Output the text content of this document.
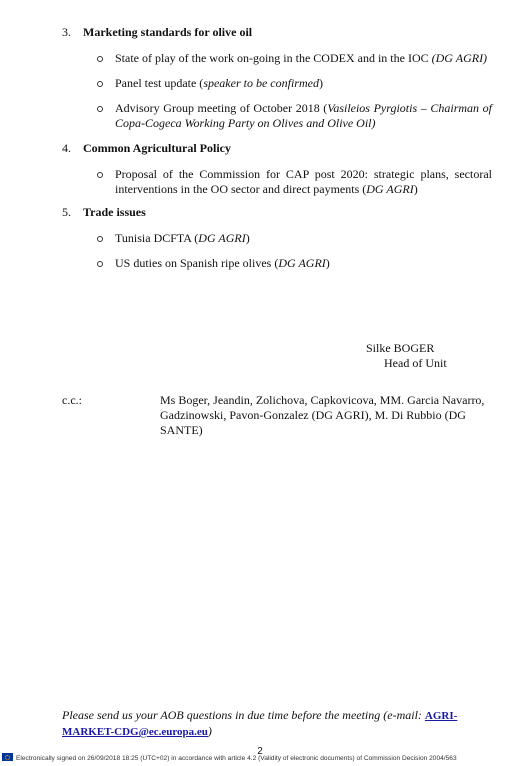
3. Marketing standards for olive oil
State of play of the work on-going in the CODEX and in the IOC (DG AGRI)
Panel test update (speaker to be confirmed)
Advisory Group meeting of October 2018 (Vasileios Pyrgiotis – Chairman of Copa-Cogeca Working Party on Olives and Olive Oil)
4. Common Agricultural Policy
Proposal of the Commission for CAP post 2020: strategic plans, sectoral interventions in the OO sector and direct payments (DG AGRI)
5. Trade issues
Tunisia DCFTA (DG AGRI)
US duties on Spanish ripe olives (DG AGRI)
Silke BOGER
Head of Unit
c.c.:	Ms Boger, Jeandin, Zolichova, Capkovicova, MM. Garcia Navarro, Gadzinowski, Pavon-Gonzalez (DG AGRI), M. Di Rubbio (DG SANTE)
Please send us your AOB questions in due time before the meeting (e-mail: AGRI-MARKET-CDG@ec.europa.eu)
2
Electronically signed on 26/09/2018 18:25 (UTC+02) in accordance with article 4.2 (Validity of electronic documents) of Commission Decision 2004/563
